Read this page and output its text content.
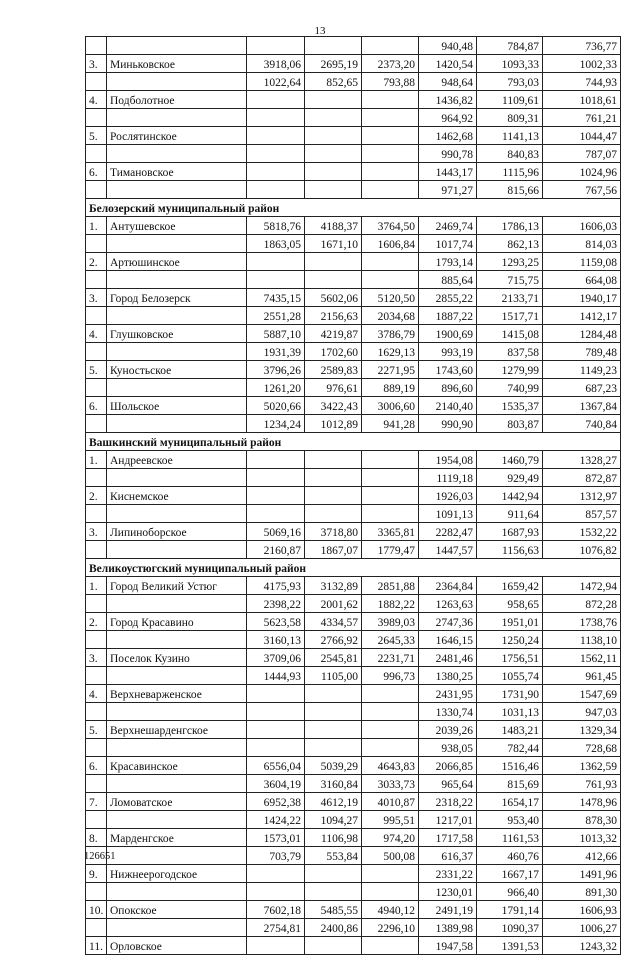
13
					940,48	784,87	736,77
3.	Миньковское	3918,06	2695,19	2373,20	1420,54	1093,33	1002,33
		1022,64	852,65	793,88	948,64	793,03	744,93
4.	Подболотное				1436,82	1109,61	1018,61
					964,92	809,31	761,21
5.	Рослятинское				1462,68	1141,13	1044,47
					990,78	840,83	787,07
6.	Тимановское				1443,17	1115,96	1024,96
					971,27	815,66	767,56
Белозерский муниципальный район							
1.	Антушевское	5818,76	4188,37	3764,50	2469,74	1786,13	1606,03
		1863,05	1671,10	1606,84	1017,74	862,13	814,03
2.	Артюшинское				1793,14	1293,25	1159,08
					885,64	715,75	664,08
3.	Город Белозерск	7435,15	5602,06	5120,50	2855,22	2133,71	1940,17
		2551,28	2156,63	2034,68	1887,22	1517,71	1412,17
4.	Глушковское	5887,10	4219,87	3786,79	1900,69	1415,08	1284,48
		1931,39	1702,60	1629,13	993,19	837,58	789,48
5.	Куностьское	3796,26	2589,83	2271,95	1743,60	1279,99	1149,23
		1261,20	976,61	889,19	896,60	740,99	687,23
6.	Шольское	5020,66	3422,43	3006,60	2140,40	1535,37	1367,84
		1234,24	1012,89	941,28	990,90	803,87	740,84
Вашкинский муниципальный район							
1.	Андреевское				1954,08	1460,79	1328,27
					1119,18	929,49	872,87
2.	Киснемское				1926,03	1442,94	1312,97
					1091,13	911,64	857,57
3.	Липиноборское	5069,16	3718,80	3365,81	2282,47	1687,93	1532,22
		2160,87	1867,07	1779,47	1447,57	1156,63	1076,82
Великоустюгский муниципальный район							
1.	Город Великий Устюг	4175,93	3132,89	2851,88	2364,84	1659,42	1472,94
		2398,22	2001,62	1882,22	1263,63	958,65	872,28
2.	Город Красавино	5623,58	4334,57	3989,03	2747,36	1951,01	1738,76
		3160,13	2766,92	2645,33	1646,15	1250,24	1138,10
3.	Поселок Кузино	3709,06	2545,81	2231,71	2481,46	1756,51	1562,11
		1444,93	1105,00	996,73	1380,25	1055,74	961,45
4.	Верхневарженское				2431,95	1731,90	1547,69
					1330,74	1031,13	947,03
5.	Верхнешарденгское				2039,26	1483,21	1329,34
					938,05	782,44	728,68
6.	Красавинское	6556,04	5039,29	4643,83	2066,85	1516,46	1362,59
		3604,19	3160,84	3033,73	965,64	815,69	761,93
7.	Ломоватское	6952,38	4612,19	4010,87	2318,22	1654,17	1478,96
		1424,22	1094,27	995,51	1217,01	953,40	878,30
8.	Марденгское	1573,01	1106,98	974,20	1717,58	1161,53	1013,32
		703,79	553,84	500,08	616,37	460,76	412,66
9.	Нижнеерогодское				2331,22	1667,17	1491,96
					1230,01	966,40	891,30
10.	Опокское	7602,18	5485,55	4940,12	2491,19	1791,14	1606,93
		2754,81	2400,86	2296,10	1389,98	1090,37	1006,27
11.	Орловское				1947,58	1391,53	1243,32
126651
